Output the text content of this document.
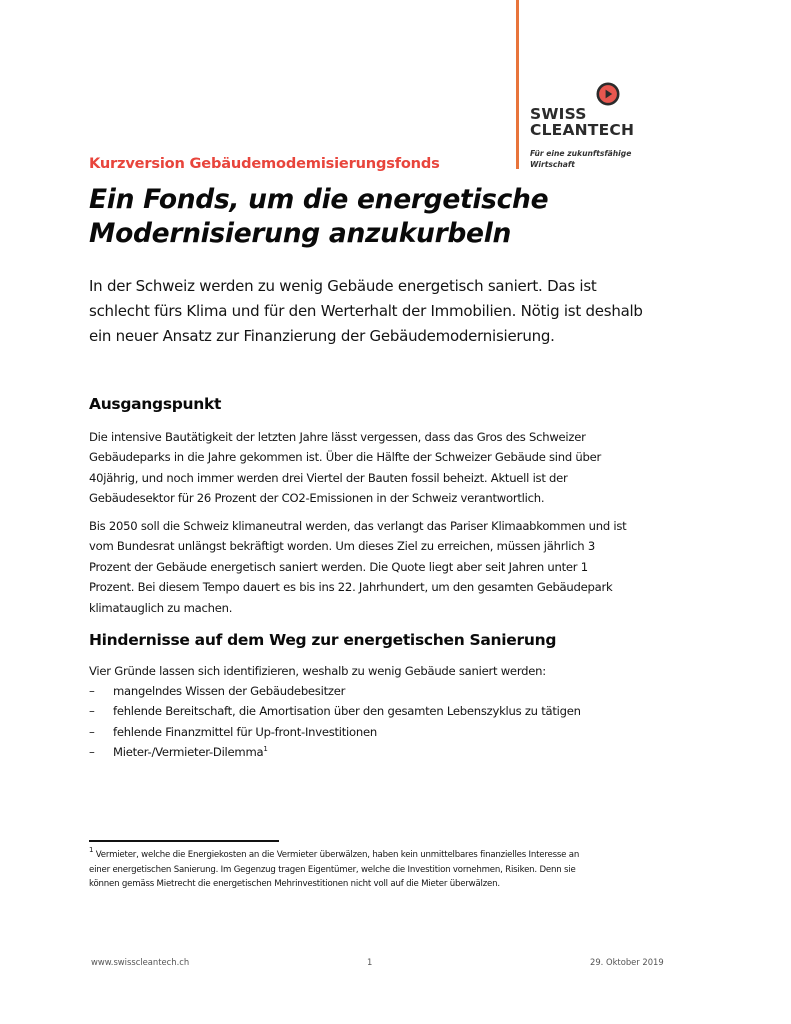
SWISS
CLEANTECH
Für eine zukunftsfähige
Wirtschaft
Kurzversion Gebäudemodemisierungsfonds
Ein Fonds, um die energetische
Modernisierung anzukurbeln
In der Schweiz werden zu wenig Gebäude energetisch saniert. Das ist
schlecht fürs Klima und für den Werterhalt der Immobilien. Nötig ist deshalb
ein neuer Ansatz zur Finanzierung der Gebäudemodernisierung.
Ausgangspunkt
Die intensive Bautätigkeit der letzten Jahre lässt vergessen, dass das Gros des Schweizer
Gebäudeparks in die Jahre gekommen ist. Über die Hälfte der Schweizer Gebäude sind über
40jährig, und noch immer werden drei Viertel der Bauten fossil beheizt. Aktuell ist der
Gebäudesektor für 26 Prozent der CO2-Emissionen in der Schweiz verantwortlich.
Bis 2050 soll die Schweiz klimaneutral werden, das verlangt das Pariser Klimaabkommen und ist
vom Bundesrat unlängst bekräftigt worden. Um dieses Ziel zu erreichen, müssen jährlich 3
Prozent der Gebäude energetisch saniert werden. Die Quote liegt aber seit Jahren unter 1
Prozent. Bei diesem Tempo dauert es bis ins 22. Jahrhundert, um den gesamten Gebäudepark
klimatauglich zu machen.
Hindernisse auf dem Weg zur energetischen Sanierung
Vier Gründe lassen sich identifizieren, weshalb zu wenig Gebäude saniert werden:
– mangelndes Wissen der Gebäudebesitzer
– fehlende Bereitschaft, die Amortisation über den gesamten Lebenszyklus zu tätigen
– fehlende Finanzmittel für Up-front-Investitionen
– Mieter-/Vermieter-Dilemma$^1$
$^1$ Vermieter, welche die Energiekosten an die Vermieter überwälzen, haben kein unmittelbares finanzielles Interesse an
einer energetischen Sanierung. Im Gegenzug tragen Eigentümer, welche die Investition vornehmen, Risiken. Denn sie
können gemäss Mietrecht die energetischen Mehrinvestitionen nicht voll auf die Mieter überwälzen.
www.swisscleantech.ch	1	29. Oktober 2019
